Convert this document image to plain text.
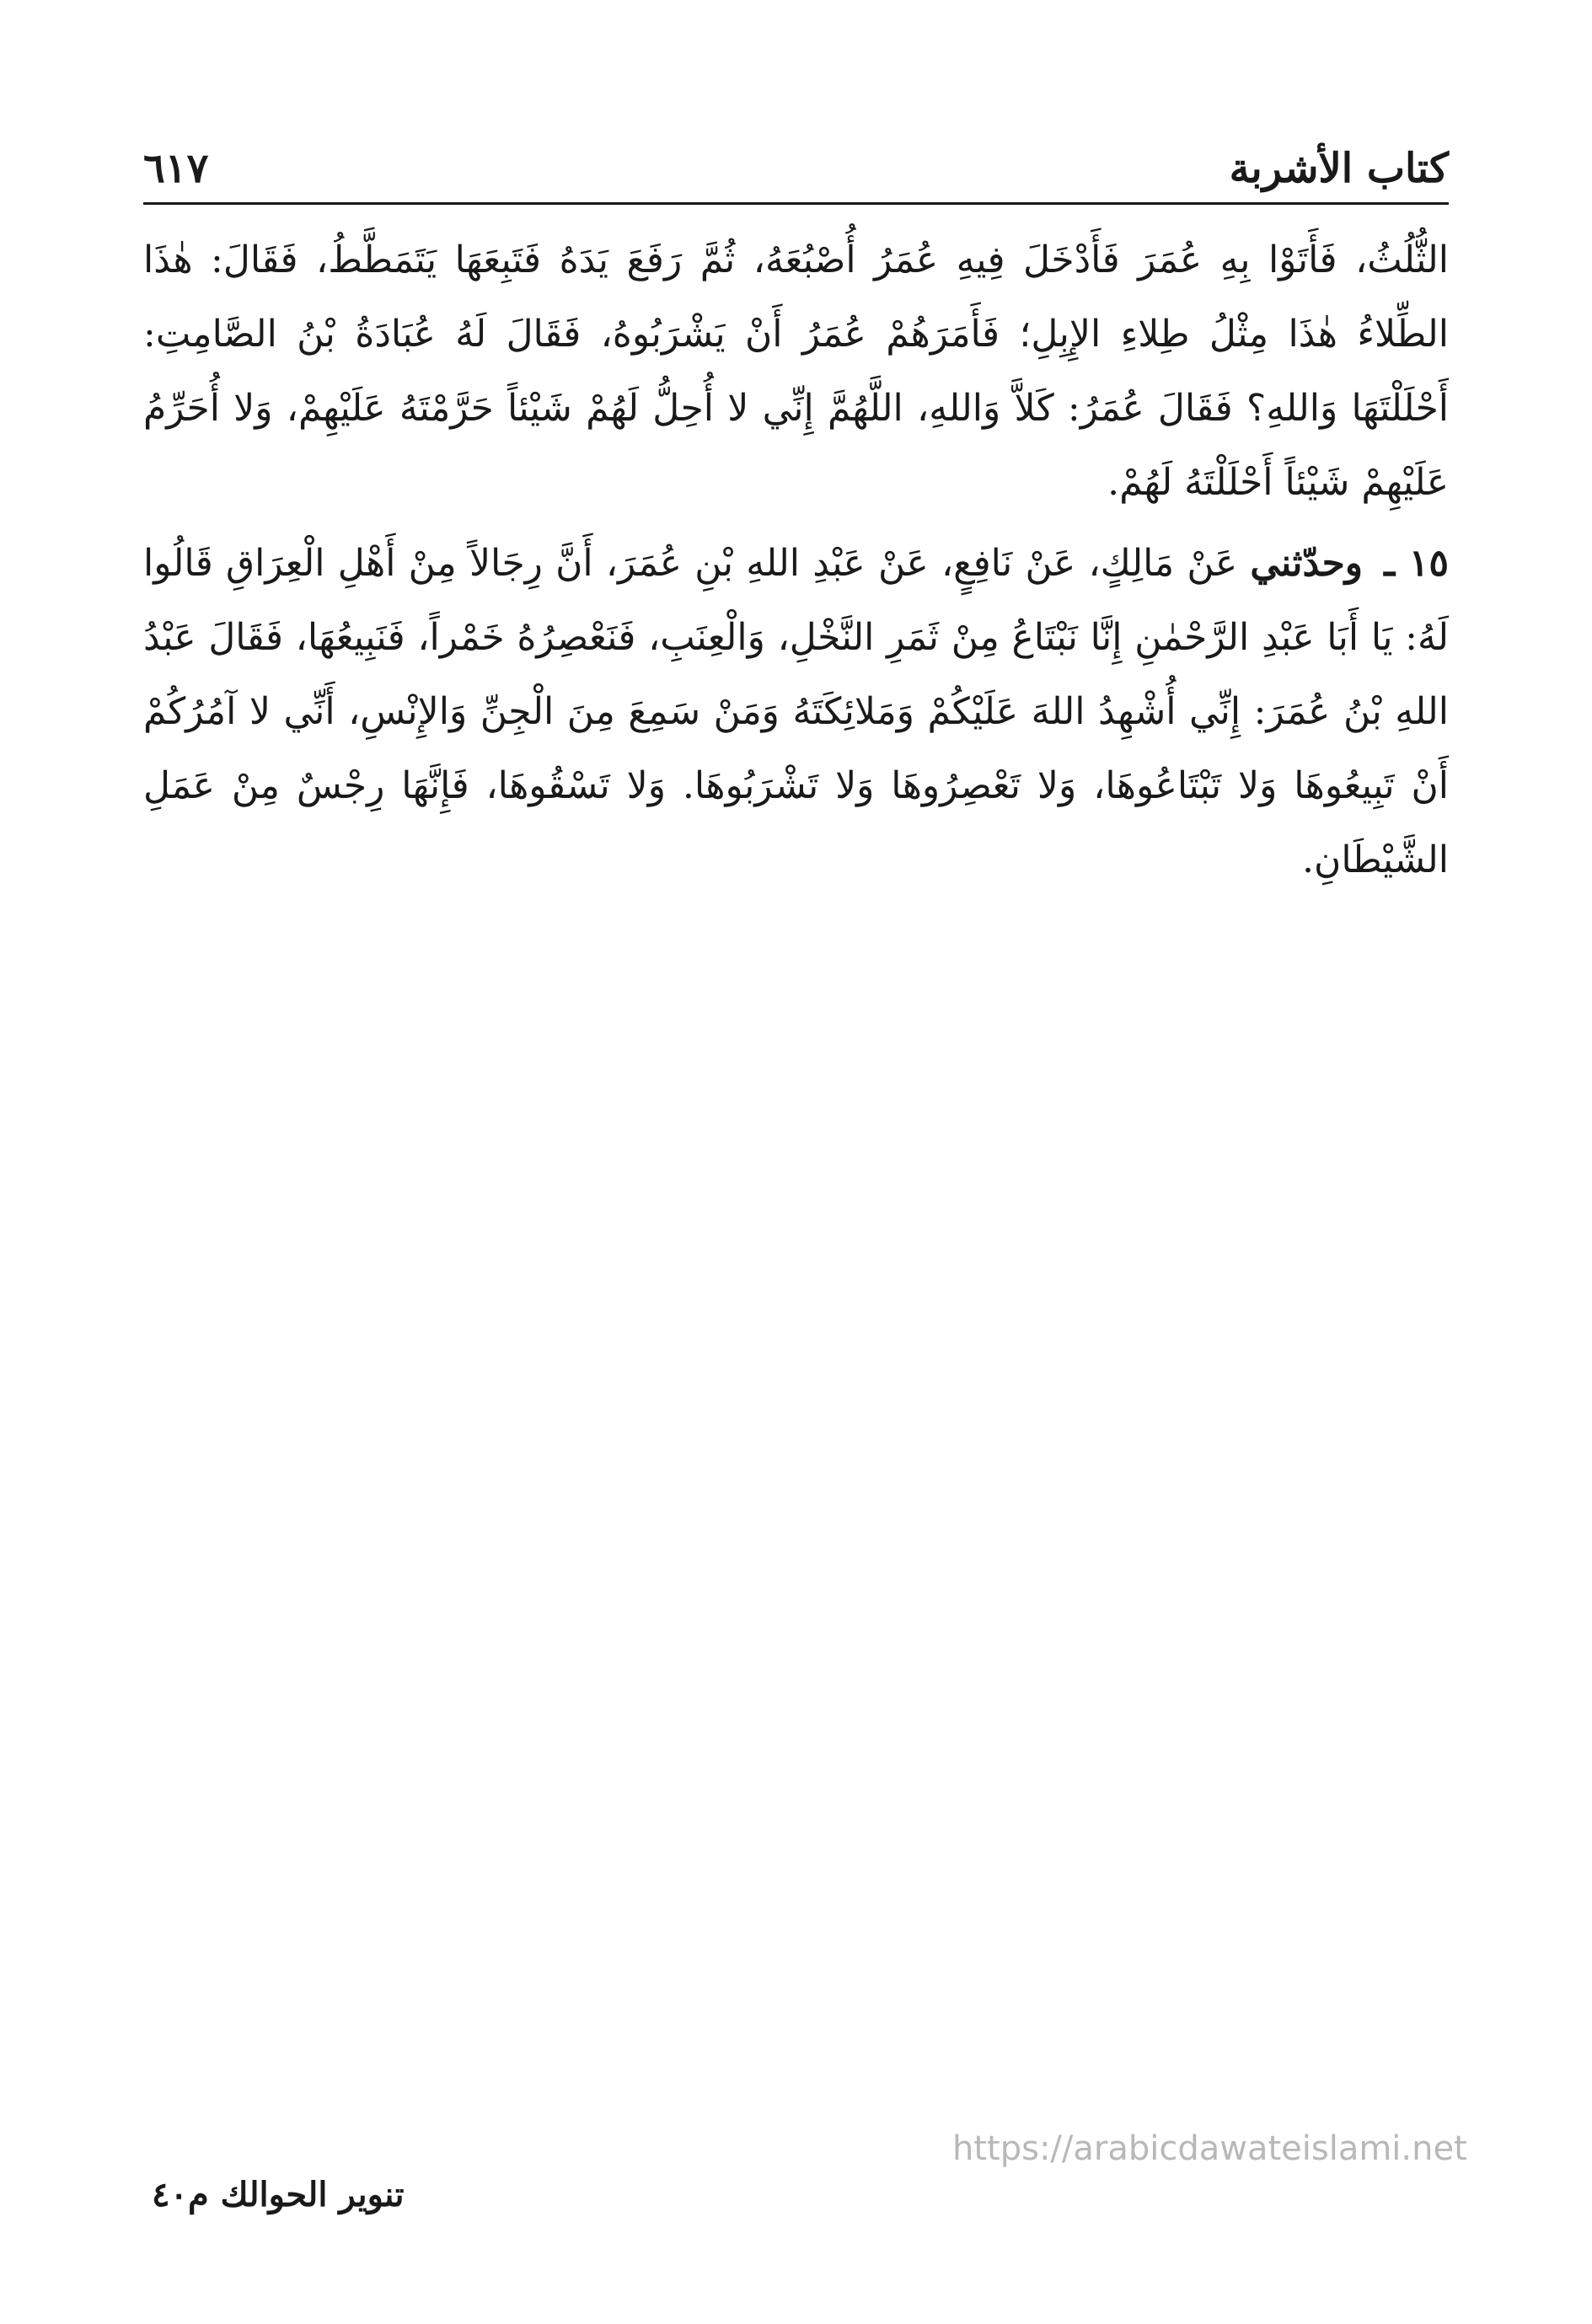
كتاب الأشربة
٦١٧

الثُّلُثُ، فَأَتَوْا بِهِ عُمَرَ فَأَدْخَلَ فِيهِ عُمَرُ أُصْبُعَهُ، ثُمَّ رَفَعَ يَدَهُ فَتَبِعَهَا يَتَمَطَّطُ، فَقَالَ: هٰذَا الطِّلاءُ هٰذَا مِثْلُ طِلاءِ الإِبِلِ؛ فَأَمَرَهُمْ عُمَرُ أَنْ يَشْرَبُوهُ، فَقَالَ لَهُ عُبَادَةُ بْنُ الصَّامِتِ: أَحْلَلْتَهَا وَاللهِ؟ فَقَالَ عُمَرُ: كَلاَّ وَاللهِ، اللَّهُمَّ إِنِّي لا أُحِلُّ لَهُمْ شَيْئاً حَرَّمْتَهُ عَلَيْهِمْ، وَلا أُحَرِّمُ عَلَيْهِمْ شَيْئاً أَحْلَلْتَهُ لَهُمْ.

١٥ ـ وحدّثني عَنْ مَالِكٍ، عَنْ نَافِعٍ، عَنْ عَبْدِ اللهِ بْنِ عُمَرَ، أَنَّ رِجَالاً مِنْ أَهْلِ الْعِرَاقِ قَالُوا لَهُ: يَا أَبَا عَبْدِ الرَّحْمٰنِ إِنَّا نَبْتَاعُ مِنْ ثَمَرِ النَّخْلِ، وَالْعِنَبِ، فَنَعْصِرُهُ خَمْراً، فَنَبِيعُهَا، فَقَالَ عَبْدُ اللهِ بْنُ عُمَرَ: إِنِّي أُشْهِدُ اللهَ عَلَيْكُمْ وَمَلائِكَتَهُ وَمَنْ سَمِعَ مِنَ الْجِنِّ وَالإِنْسِ، أَنِّي لا آمُرُكُمْ أَنْ تَبِيعُوهَا وَلا تَبْتَاعُوهَا، وَلا تَعْصِرُوهَا وَلا تَشْرَبُوهَا. وَلا تَسْقُوهَا، فَإِنَّهَا رِجْسٌ مِنْ عَمَلِ الشَّيْطَانِ.

https://arabicdawateislami.net
تنوير الحوالك م٤٠
